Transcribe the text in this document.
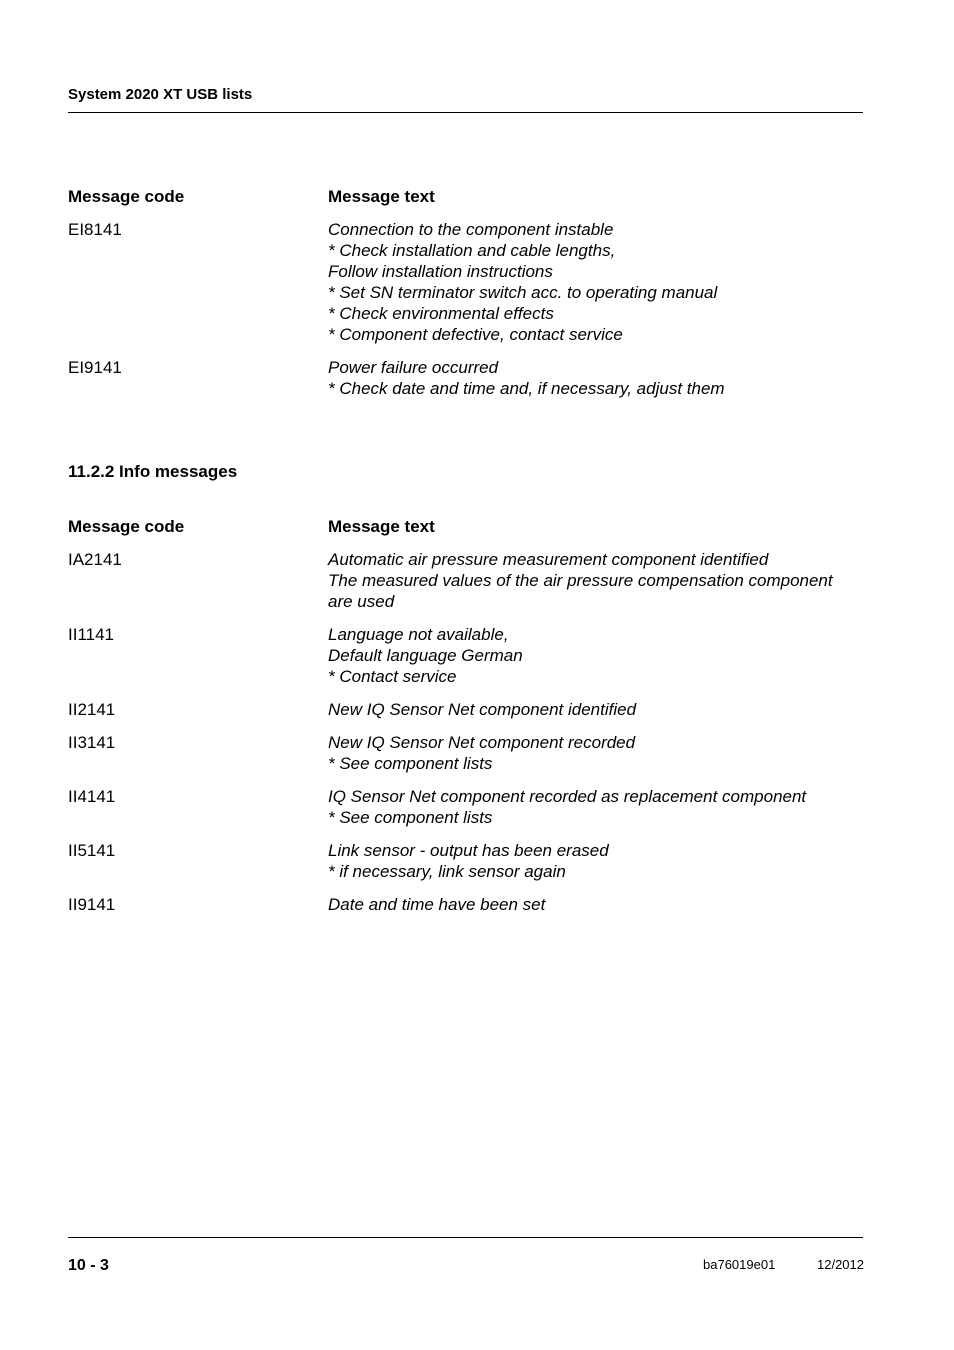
System 2020 XT USB lists
Message code	Message text
EI8141	Connection to the component instable
* Check installation and cable lengths,
Follow installation instructions
* Set SN terminator switch acc. to operating manual
* Check environmental effects
* Component defective, contact service
EI9141	Power failure occurred
* Check date and time and, if necessary, adjust them
11.2.2 Info messages
Message code	Message text
IA2141	Automatic air pressure measurement component identified
The measured values of the air pressure compensation component
are used
II1141	Language not available,
Default language German
* Contact service
II2141	New IQ Sensor Net component identified
II3141	New IQ Sensor Net component recorded
* See component lists
II4141	IQ Sensor Net component recorded as replacement component
* See component lists
II5141	Link sensor - output has been erased
* if necessary, link sensor again
II9141	Date and time have been set
10 - 3	ba76019e01	12/2012
